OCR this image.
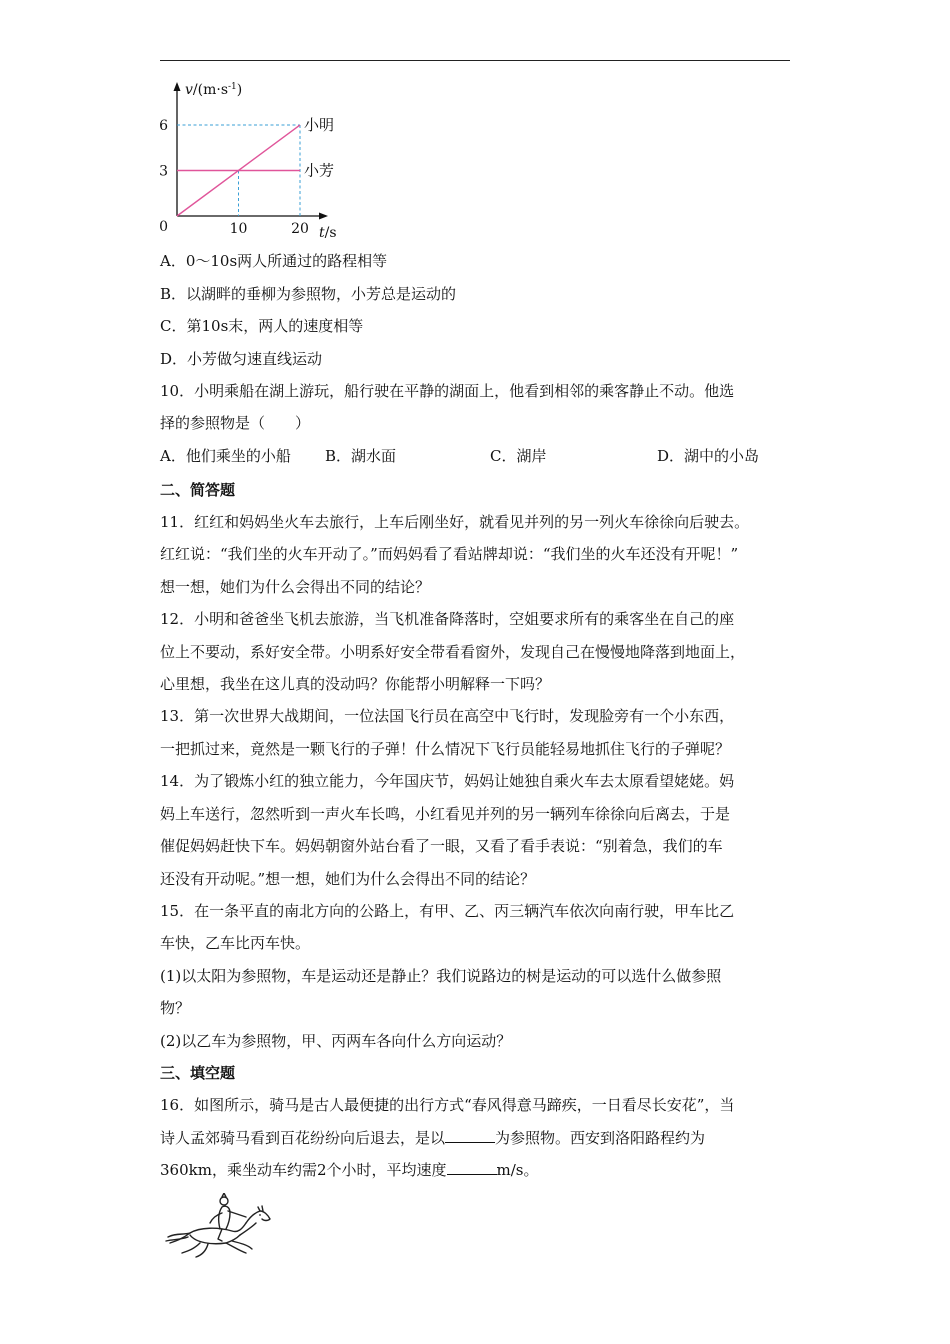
小明
小芳
3
6
0	10	20
$v/(m\cdot s^{-1})$
t/s
A．0～10s两人所通过的路程相等
B．以湖畔的垂柳为参照物，小芳总是运动的
C．第10s末，两人的速度相等
D．小芳做匀速直线运动
10．小明乘船在湖上游玩，船行驶在平静的湖面上，他看到相邻的乘客静止不动。他选
择的参照物是（　　）
A．他们乘坐的小船 B．湖水面	C．湖岸	D．湖中的小岛
二、简答题
11．红红和妈妈坐火车去旅行，上车后刚坐好，就看见并列的另一列火车徐徐向后驶去。
红红说：“我们坐的火车开动了。”而妈妈看了看站牌却说：“我们坐的火车还没有开呢！”
想一想，她们为什么会得出不同的结论？
12．小明和爸爸坐飞机去旅游，当飞机准备降落时，空姐要求所有的乘客坐在自己的座
位上不要动，系好安全带。小明系好安全带看看窗外，发现自己在慢慢地降落到地面上，
心里想，我坐在这儿真的没动吗？你能帮小明解释一下吗？
13．第一次世界大战期间，一位法国飞行员在高空中飞行时，发现脸旁有一个小东西，
一把抓过来，竟然是一颗飞行的子弹！什么情况下飞行员能轻易地抓住飞行的子弹呢？
14．为了锻炼小红的独立能力，今年国庆节，妈妈让她独自乘火车去太原看望姥姥。妈
妈上车送行，忽然听到一声火车长鸣，小红看见并列的另一辆列车徐徐向后离去，于是
催促妈妈赶快下车。妈妈朝窗外站台看了一眼，又看了看手表说：“别着急，我们的车
还没有开动呢。”想一想，她们为什么会得出不同的结论？
15．在一条平直的南北方向的公路上，有甲、乙、丙三辆汽车依次向南行驶，甲车比乙
车快，乙车比丙车快。
(1)以太阳为参照物，车是运动还是静止？我们说路边的树是运动的可以选什么做参照
物？
(2)以乙车为参照物，甲、丙两车各向什么方向运动？
三、填空题
16．如图所示，骑马是古人最便捷的出行方式“春风得意马蹄疾，一日看尽长安花”，当
诗人孟郊骑马看到百花纷纷向后退去，是以	为参照物。西安到洛阳路程约为
360km，乘坐动车约需2个小时，平均速度	m/s。
